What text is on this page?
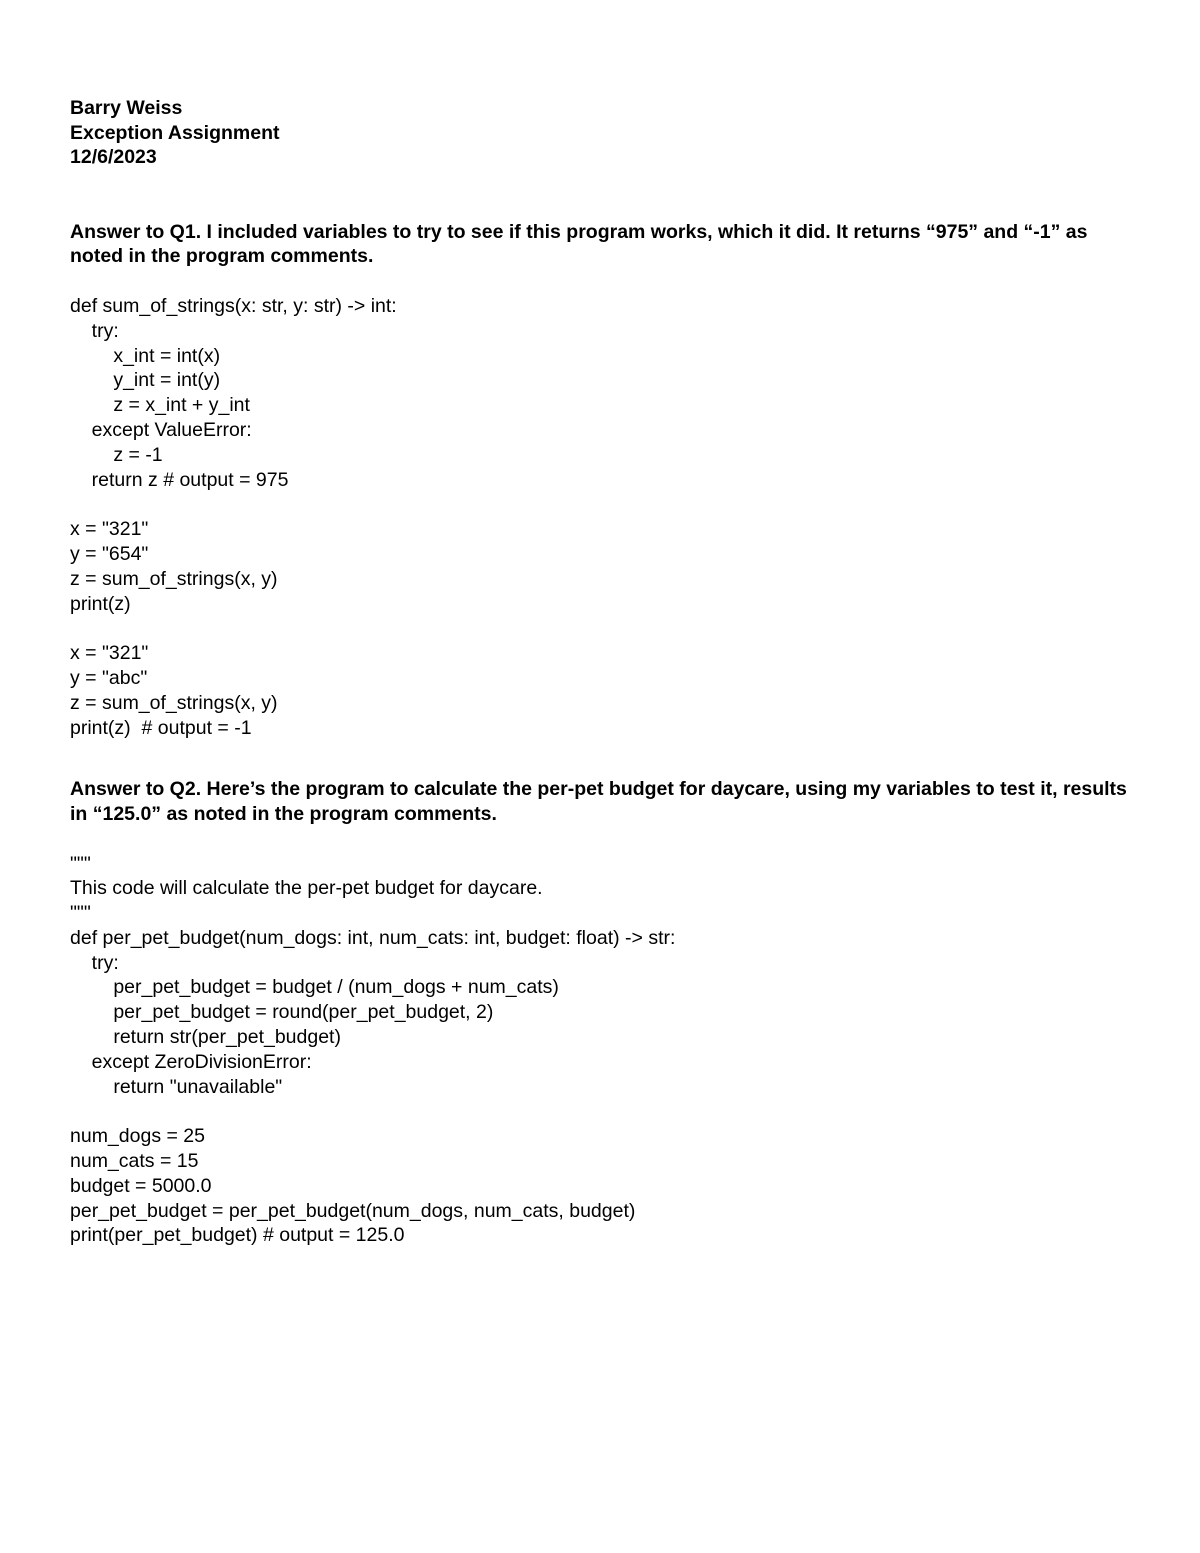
Barry Weiss
Exception Assignment
12/6/2023
Answer to Q1. I included variables to try to see if this program works, which it did. It returns “975” and “-1” as noted in the program comments.
def sum_of_strings(x: str, y: str) -> int:
try:
x_int = int(x)
y_int = int(y)
z = x_int + y_int
except ValueError:
z = -1
return z # output = 975
x = "321"
y = "654"
z = sum_of_strings(x, y)
print(z)
x = "321"
y = "abc"
z = sum_of_strings(x, y)
print(z)  # output = -1
Answer to Q2. Here’s the program to calculate the per-pet budget for daycare, using my variables to test it, results in “125.0” as noted in the program comments.
"""
This code will calculate the per-pet budget for daycare.
"""
def per_pet_budget(num_dogs: int, num_cats: int, budget: float) -> str:
try:
per_pet_budget = budget / (num_dogs + num_cats)
per_pet_budget = round(per_pet_budget, 2)
return str(per_pet_budget)
except ZeroDivisionError:
return "unavailable"
num_dogs = 25
num_cats = 15
budget = 5000.0
per_pet_budget = per_pet_budget(num_dogs, num_cats, budget)
print(per_pet_budget) # output = 125.0
